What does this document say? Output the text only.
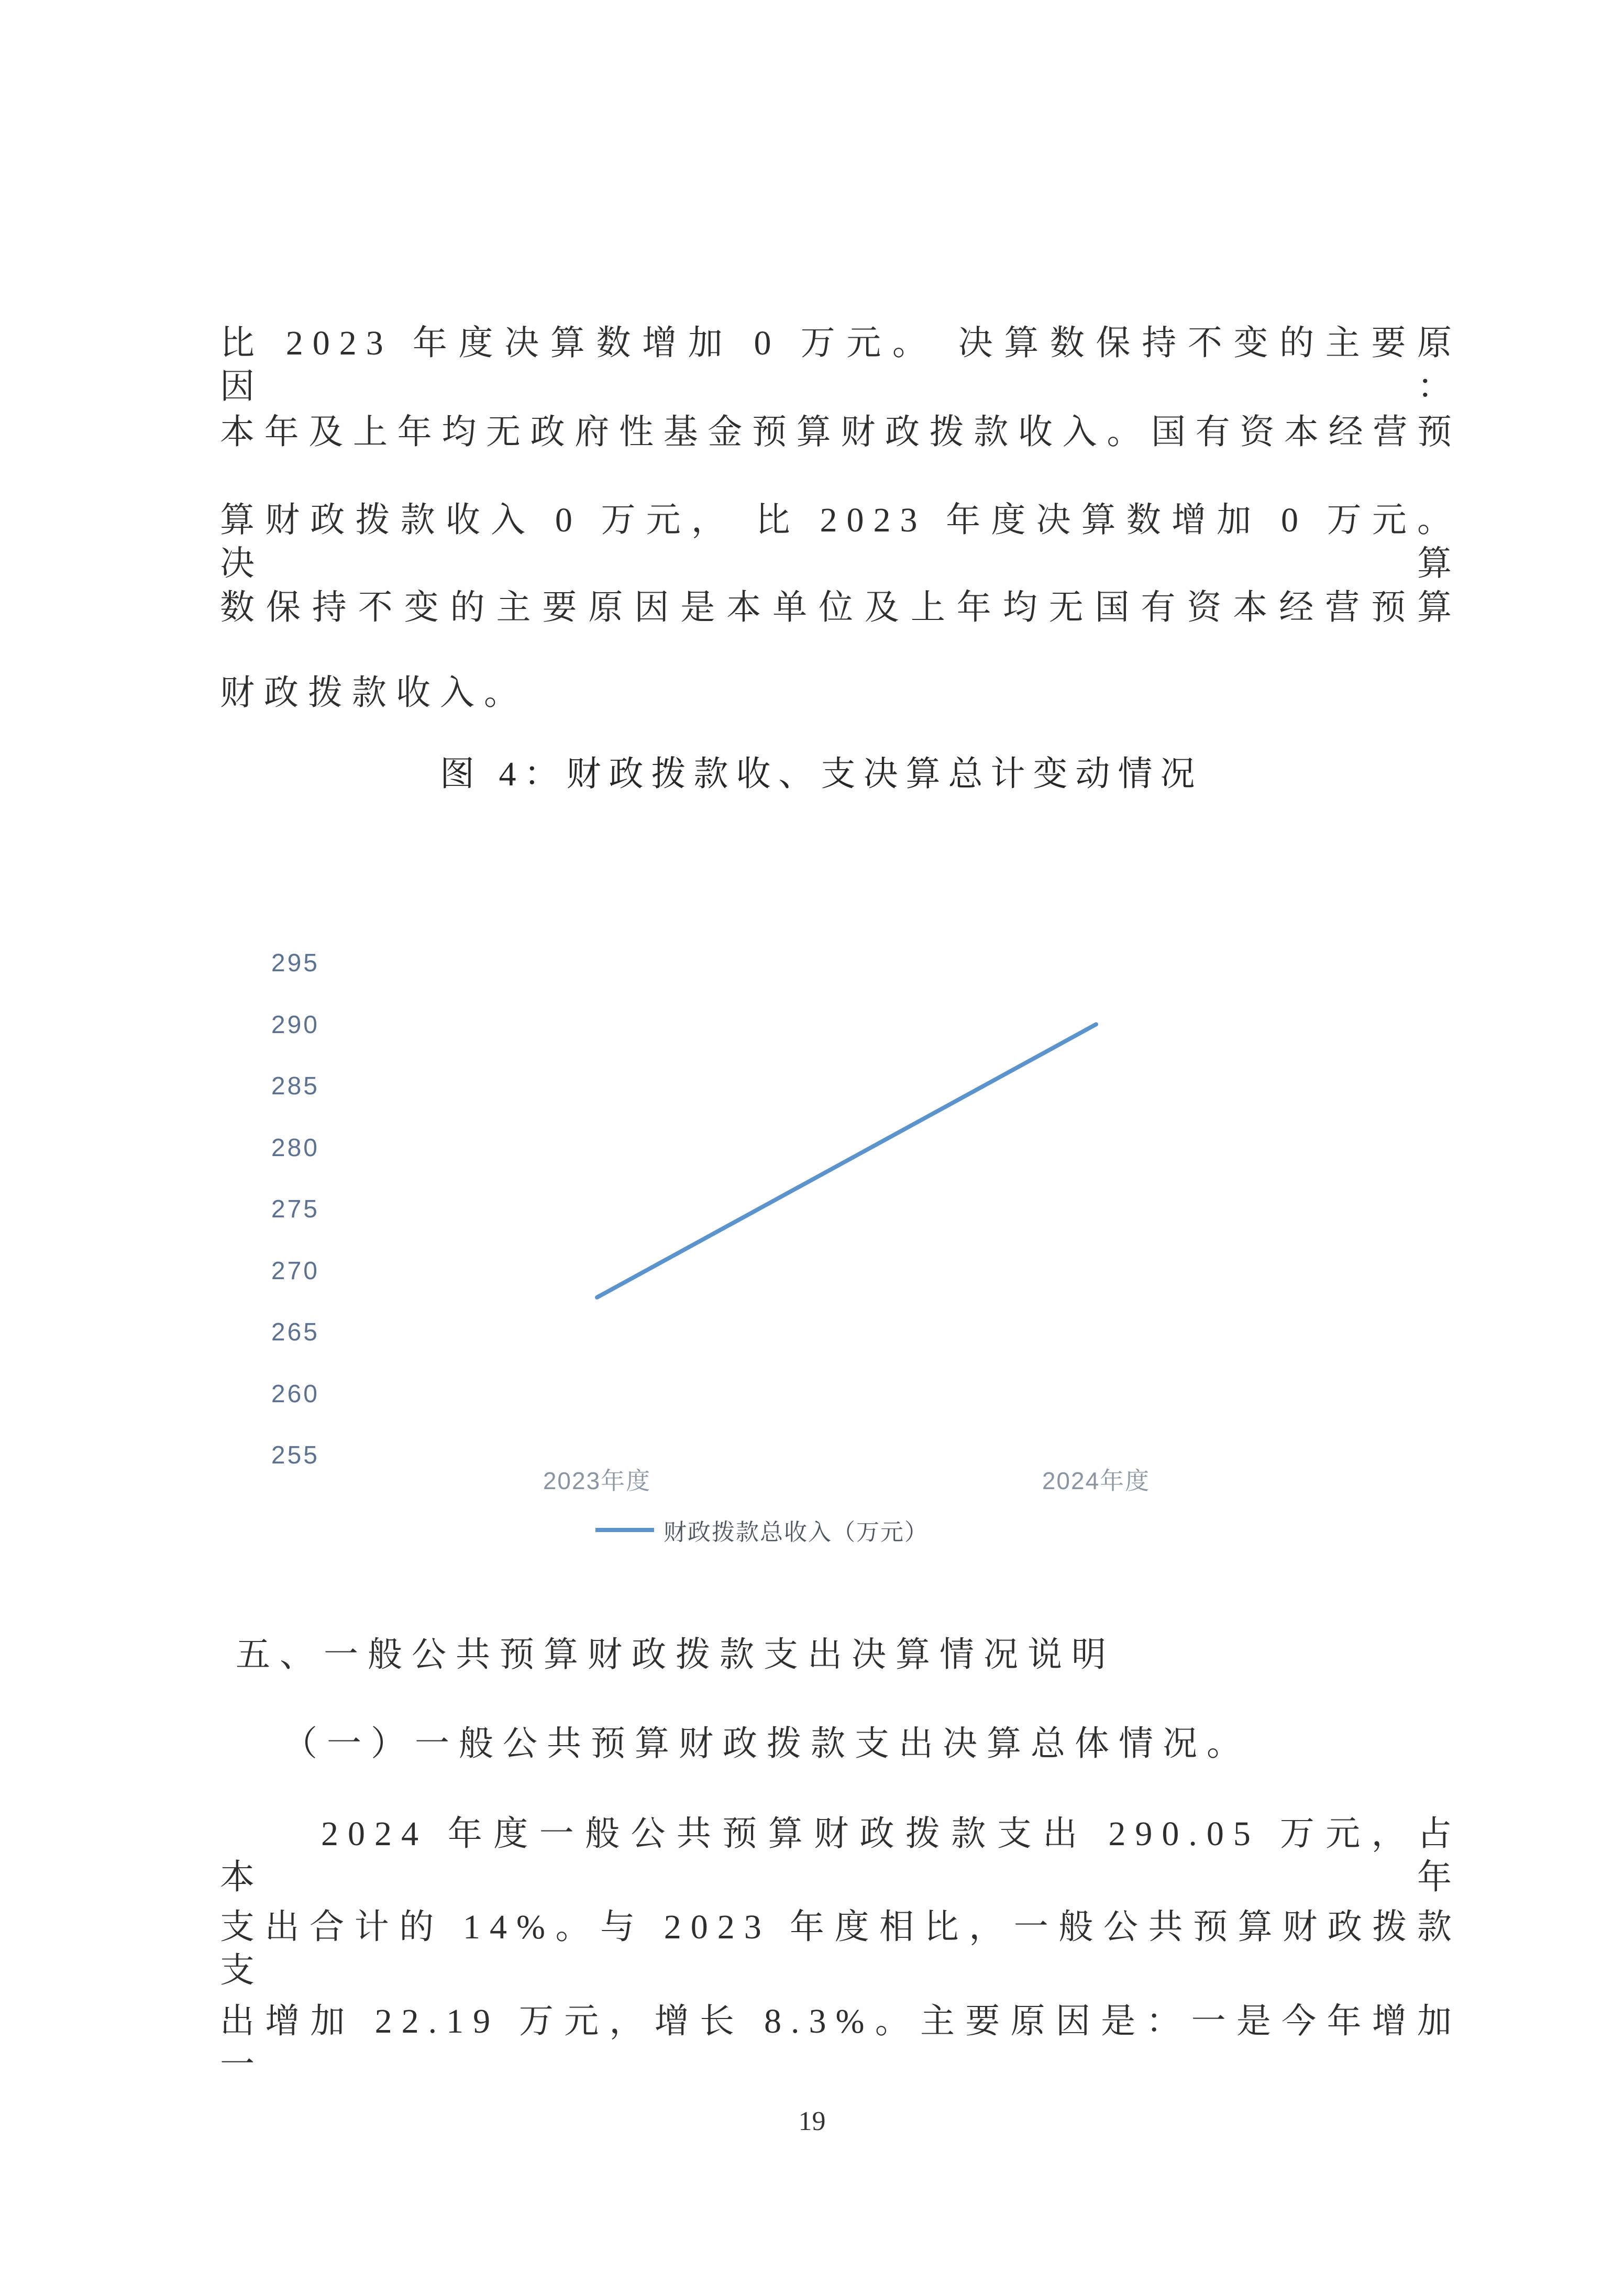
比 2023 年度决算数增加 0 万元。 决算数保持不变的主要原因：
本年及上年均无政府性基金预算财政拨款收入。国有资本经营预
算财政拨款收入 0 万元， 比 2023 年度决算数增加 0 万元。 决算
数保持不变的主要原因是本单位及上年均无国有资本经营预算
财政拨款收入。
图 4：财政拨款收、支决算总计变动情况
295
290
285
280
275
270
265
260
255
2023年度	2024年度
财政拨款总收入（万元）
五、一般公共预算财政拨款支出决算情况说明
（一）一般公共预算财政拨款支出决算总体情况。
2024 年度一般公共预算财政拨款支出 290.05 万元，占本年
支出合计的 14%。与 2023 年度相比，一般公共预算财政拨款支
出增加 22.19 万元，增长 8.3%。主要原因是：一是今年增加一
19
